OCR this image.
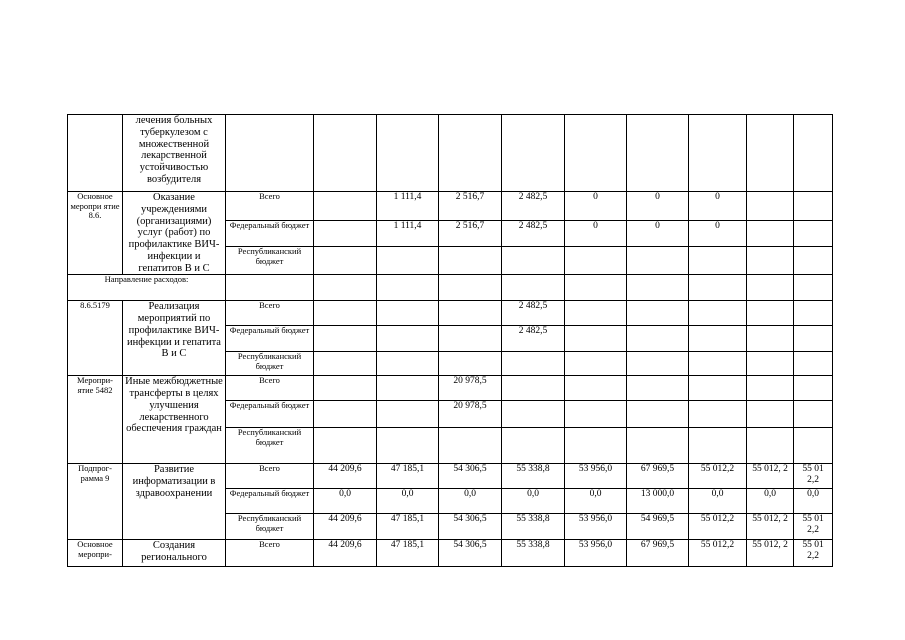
	лечения больных туберкулезом с множественной лекарственной устойчивостью возбудителя										
Основное меропри ятие 8.6.	Оказание учреждениями (организациями) услуг (работ) по профилактике ВИЧ-инфекции и гепатитов В и С	Всего		1 111,4	2 516,7	2 482,5	0	0	0		
		Федеральный бюджет		1 111,4	2 516,7	2 482,5	0	0	0		
		Республиканский бюджет									
Направление расходов:											
8.6.5179	Реализация мероприятий по профилактике ВИЧ-инфекции и гепатита В и С	Всего				2 482,5					
		Федеральный бюджет				2 482,5					
		Республиканский бюджет									
Меропри- ятие 5482	Иные межбюджетные трансферты в целях улучшения лекарственного обеспечения граждан	Всего			20 978,5						
		Федеральный бюджет			20 978,5						
		Республиканский бюджет									
Подпрог- рамма 9	Развитие информатизации в здравоохранении	Всего	44 209,6	47 185,1	54 306,5	55 338,8	53 956,0	67 969,5	55 012,2	55 012, 2	55 01 2,2
		Федеральный бюджет	0,0	0,0	0,0	0,0	0,0	13 000,0	0,0	0,0	0,0
		Республиканский бюджет	44 209,6	47 185,1	54 306,5	55 338,8	53 956,0	54 969,5	55 012,2	55 012, 2	55 01 2,2
Основное меропри-	Создания регионального	Всего	44 209,6	47 185,1	54 306,5	55 338,8	53 956,0	67 969,5	55 012,2	55 012, 2	55 01 2,2
